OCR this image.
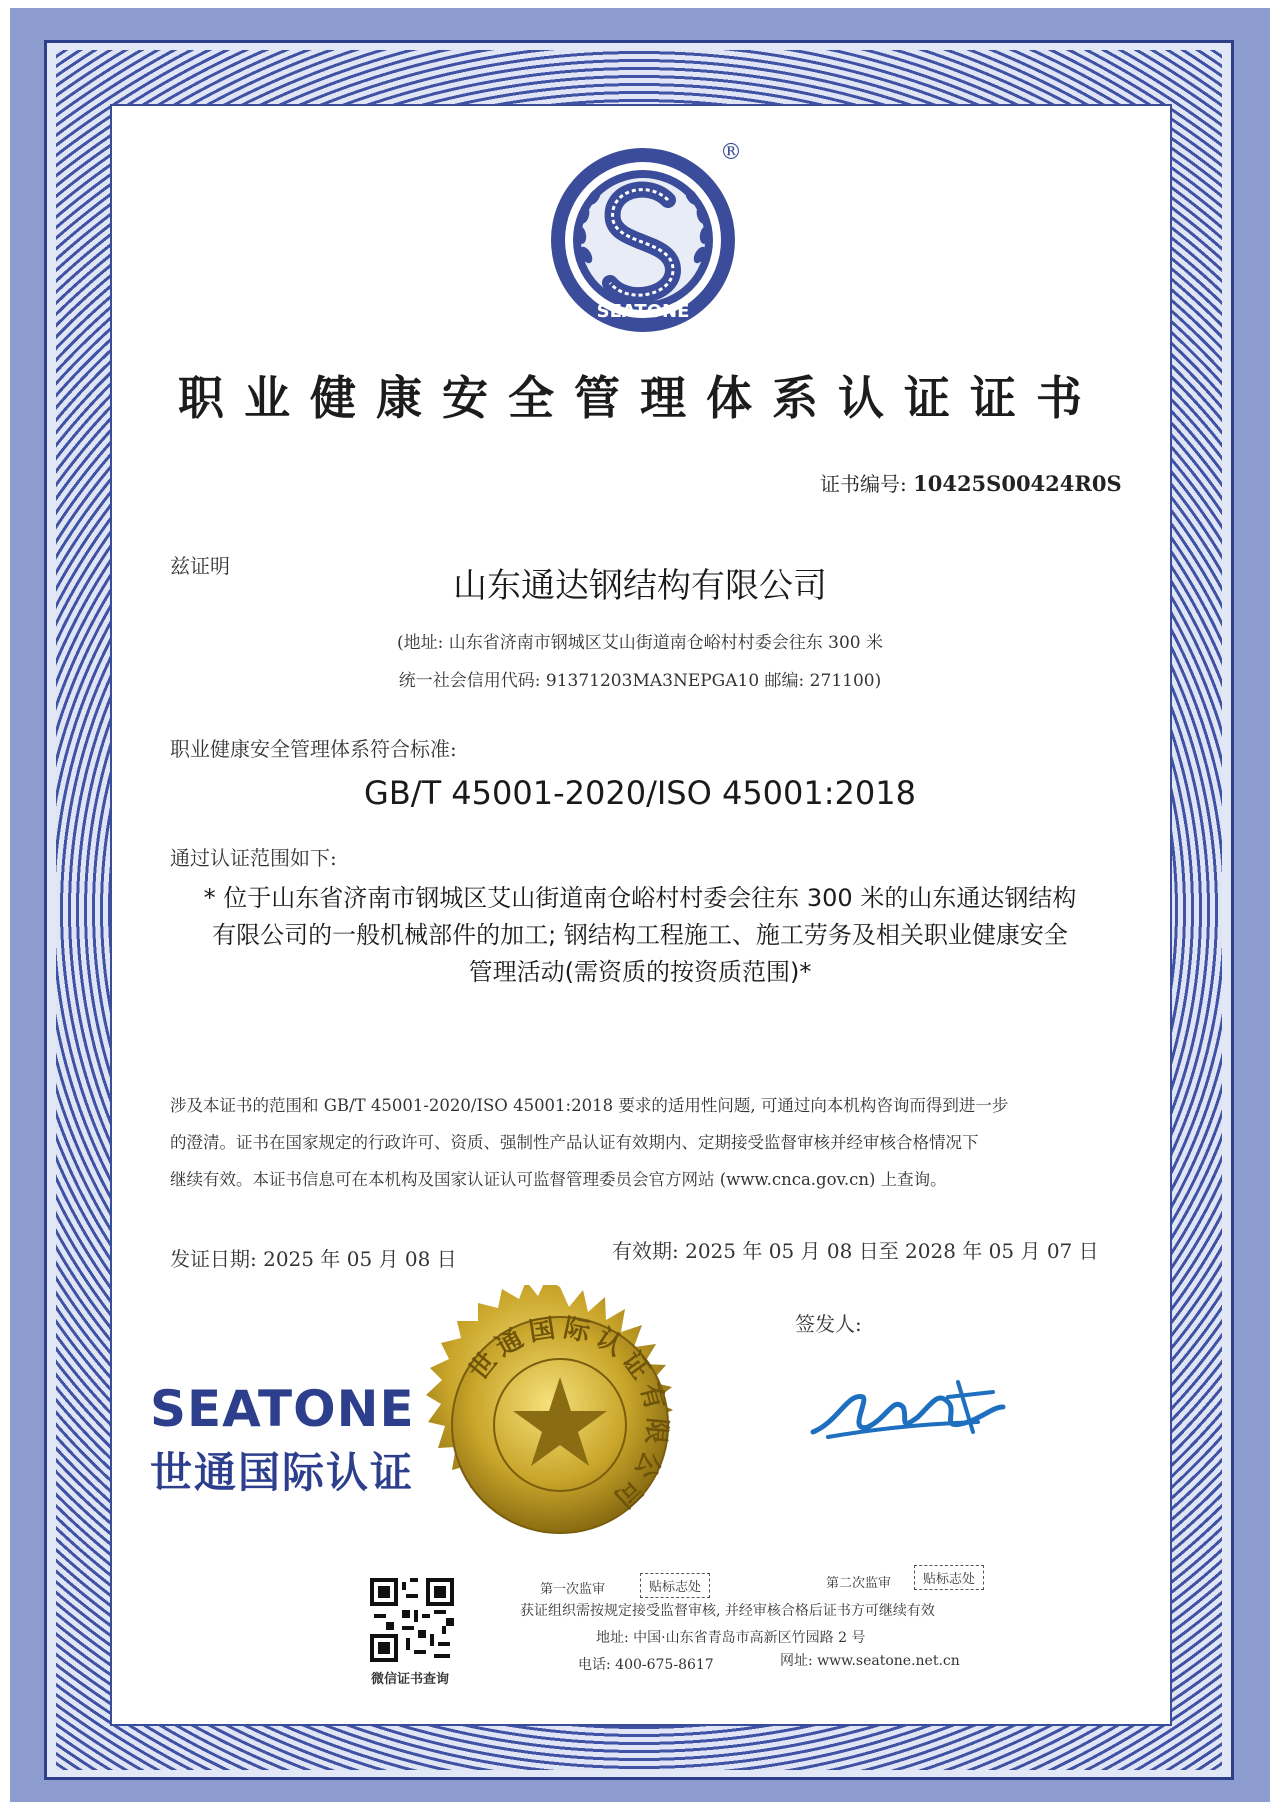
SEATONE
®
职业健康安全管理体系认证证书
证书编号: 10425S00424R0S
兹证明	山东通达钢结构有限公司
(地址: 山东省济南市钢城区艾山街道南仓峪村村委会往东 300 米
统一社会信用代码: 91371203MA3NEPGA10 邮编: 271100)
职业健康安全管理体系符合标准:
GB/T 45001-2020/ISO 45001:2018
通过认证范围如下:
* 位于山东省济南市钢城区艾山街道南仓峪村村委会往东 300 米的山东通达钢结构
有限公司的一般机械部件的加工; 钢结构工程施工、施工劳务及相关职业健康安全
管理活动(需资质的按资质范围)*
涉及本证书的范围和 GB/T 45001-2020/ISO 45001:2018 要求的适用性问题, 可通过向本机构咨询而得到进一步
的澄清。证书在国家规定的行政许可、资质、强制性产品认证有效期内、定期接受监督审核并经审核合格情况下
继续有效。本证书信息可在本机构及国家认证认可监督管理委员会官方网站 (www.cnca.gov.cn) 上查询。
发证日期: 2025 年 05 月 08 日	有效期: 2025 年 05 月 08 日至 2028 年 05 月 07 日
签发人:
世通国际认证有限公司
SEATONE
世通国际认证
微信证书查询
第一次监审	贴标志处	第二次监审	贴标志处
获证组织需按规定接受监督审核, 并经审核合格后证书方可继续有效
地址: 中国·山东省青岛市高新区竹园路 2 号
电话: 400-675-8617	网址: www.seatone.net.cn
